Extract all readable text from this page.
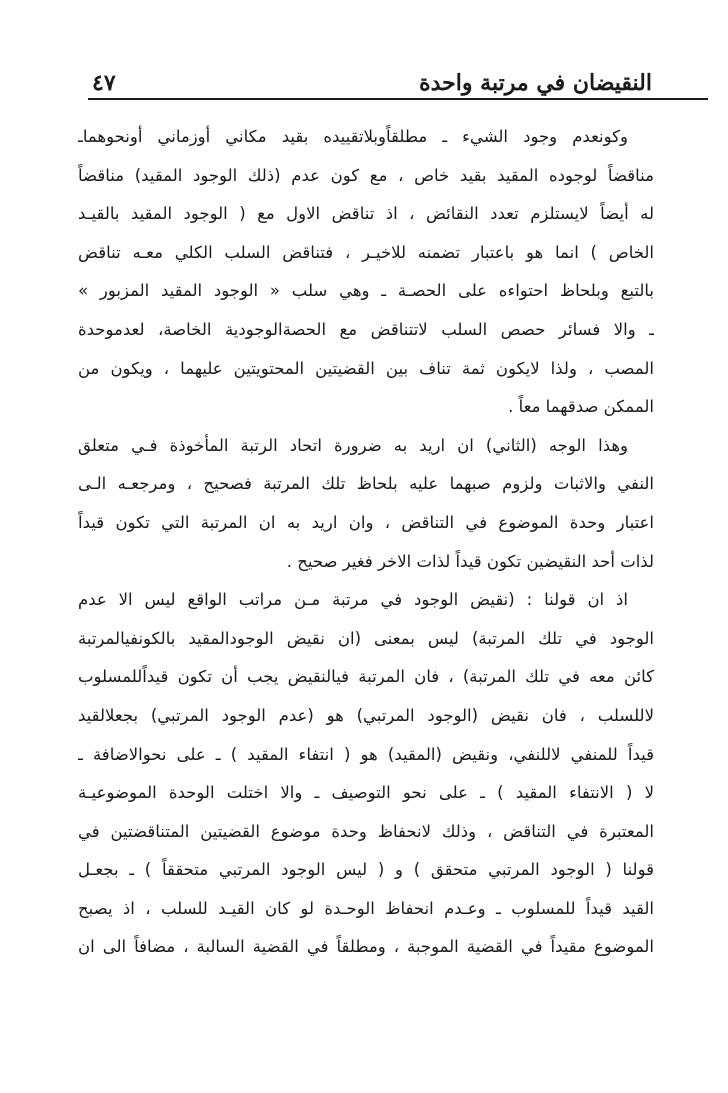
النقيضان في مرتبة واحدة
٤٧
وكونعدم وجود الشيء ـ مطلقاًوبلاتقييده بقيد مكاني أوزماني أونحوهماـ
مناقضاً لوجوده المقيد بقيد خاص ، مع كون عدم (ذلك الوجود المقيد) مناقضاً
له أيضاً لايستلزم تعدد النقائض ، اذ تناقض الاول مع ( الوجود المقيد بالقيـد
الخاص ) انما هو باعتبار تضمنه للاخيـر ، فتناقض السلب الكلي معـه تناقض
بالتبع وبلحاظ احتواءه على الحصـة ـ وهي سلب « الوجود المقيد المزبور »
ـ والا فسائر حصص السلب لاتتناقض مع الحصةالوجودية الخاصة، لعدموحدة
المصب ، ولذا لايكون ثمة تناف بين القضيتين المحتويتين عليهما ، ويكون من
الممكن صدقهما معاً .
وهذا الوجه (الثاني) ان اريد به ضرورة اتحاد الرتبة المأخوذة فـي متعلق
النفي والاثبات ولزوم صبهما عليه بلحاظ تلك المرتبة فصحيح ، ومرجعـه الـى
اعتبار وحدة الموضوع في التناقض ، وان اريد به ان المرتبة التي تكون قيداً
لذات أحد النقيضين تكون قيداً لذات الاخر فغير صحيح .
اذ ان قولنا : (نقيض الوجود في مرتبة مـن مراتب الواقع ليس الا عدم
الوجود في تلك المرتبة) ليس بمعنى (ان نقيض الوجودالمقيد بالكونفيالمرتبة
كائن معه في تلك المرتبة) ، فان المرتبة فيالنقيض يجب أن تكون قيداًللمسلوب
لاللسلب ، فان نقيض (الوجود المرتبي) هو (عدم الوجود المرتبي) بجعلالقيد
قيداً للمنفي لاللنفي، ونقيض (المقيد) هو ( انتفاء المقيد ) ـ على نحوالاضافة ـ
لا ( الانتفاء المقيد ) ـ على نحو التوصيف ـ والا اختلت الوحدة الموضوعيـة
المعتبرة في التناقض ، وذلك لانحفاظ وحدة موضوع القضيتين المتناقضتين في
قولنا ( الوجود المرتبي متحقق ) و ( ليس الوجود المرتبي متحققاً ) ـ بجعـل
القيد قيداً للمسلوب ـ وعـدم انحفاظ الوحـدة لو كان القيـد للسلب ، اذ يصبح
الموضوع مقيداً في القضية الموجبة ، ومطلقاً في القضية السالبة ، مضافاً الى ان
